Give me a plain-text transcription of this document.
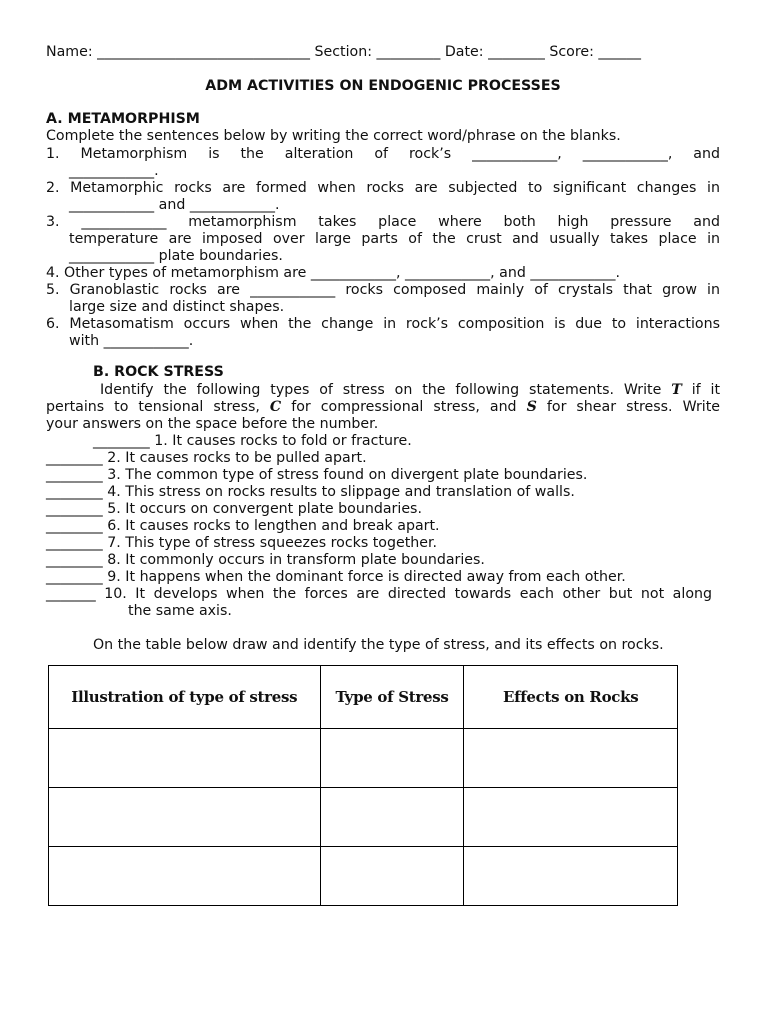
Name: ______________________________ Section: _________ Date: ________ Score: ______
ADM ACTIVITIES ON ENDOGENIC PROCESSES
A. METAMORPHISM
Complete the sentences below by writing the correct word/phrase on the blanks.
1. Metamorphism is the alteration of rock’s ____________, ____________, and
____________.
2. Metamorphic rocks are formed when rocks are subjected to significant changes in
____________ and ____________.
3. ____________ metamorphism takes place where both high pressure and
temperature are imposed over large parts of the crust and usually takes place in
____________ plate boundaries.
4. Other types of metamorphism are ____________, ____________, and ____________.
5. Granoblastic rocks are ____________ rocks composed mainly of crystals that grow in
large size and distinct shapes.
6. Metasomatism occurs when the change in rock’s composition is due to interactions
with ____________.
B. ROCK STRESS
Identify the following types of stress on the following statements. Write T if it
pertains to tensional stress, C for compressional stress, and S for shear stress. Write
your answers on the space before the number.
________ 1. It causes rocks to fold or fracture.
________ 2. It causes rocks to be pulled apart.
________ 3. The common type of stress found on divergent plate boundaries.
________ 4. This stress on rocks results to slippage and translation of walls.
________ 5. It occurs on convergent plate boundaries.
________ 6. It causes rocks to lengthen and break apart.
________ 7. This type of stress squeezes rocks together.
________ 8. It commonly occurs in transform plate boundaries.
________ 9. It happens when the dominant force is directed away from each other.
_______ 10. It develops when the forces are directed towards each other but not along
the same axis.
On the table below draw and identify the type of stress, and its effects on rocks.
Illustration of type of stress	Type of Stress	Effects on Rocks
